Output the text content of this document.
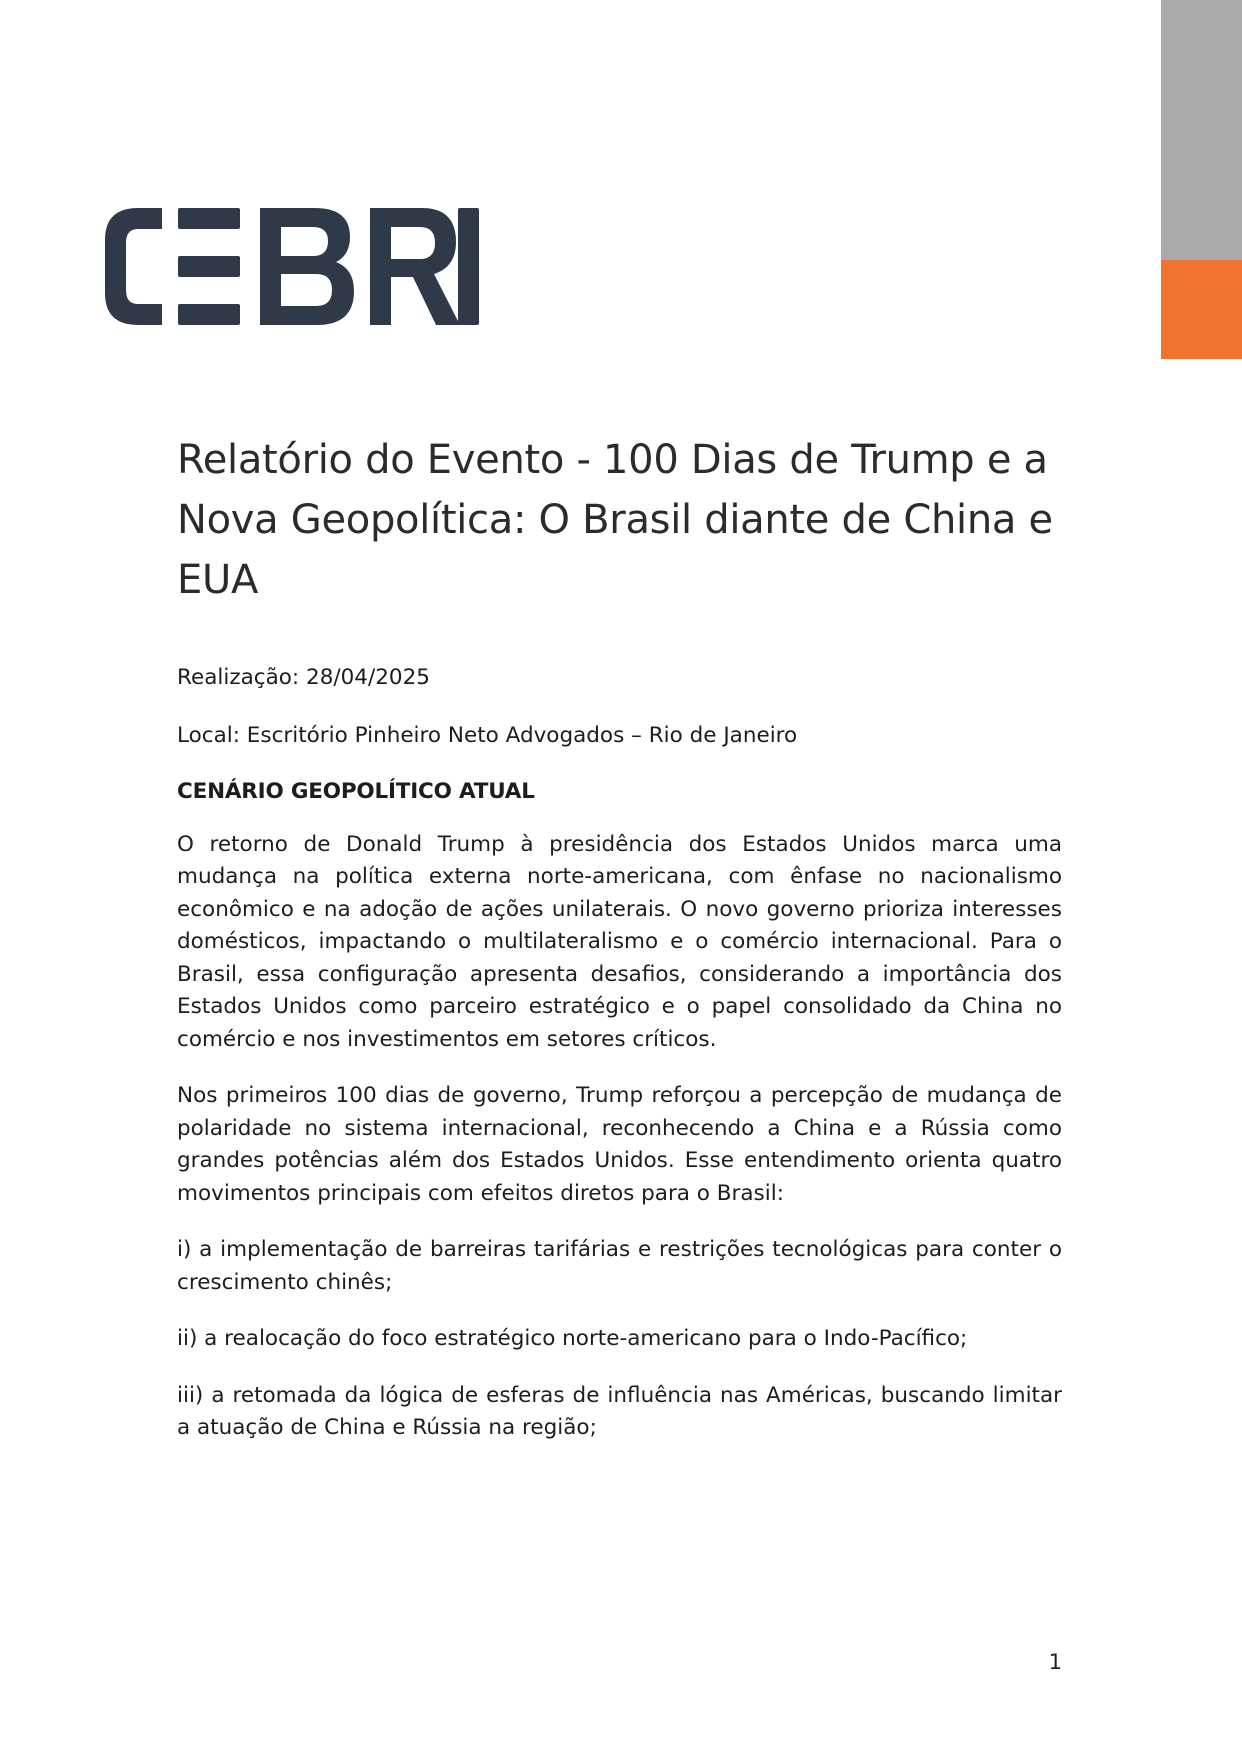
Relatório do Evento - 100 Dias de Trump e a Nova Geopolítica: O Brasil diante de China e EUA

Realização: 28/04/2025

Local: Escritório Pinheiro Neto Advogados – Rio de Janeiro

CENÁRIO GEOPOLÍTICO ATUAL

O retorno de Donald Trump à presidência dos Estados Unidos marca uma mudança na política externa norte-americana, com ênfase no nacionalismo econômico e na adoção de ações unilaterais. O novo governo prioriza interesses domésticos, impactando o multilateralismo e o comércio internacional. Para o Brasil, essa configuração apresenta desafios, considerando a importância dos Estados Unidos como parceiro estratégico e o papel consolidado da China no comércio e nos investimentos em setores críticos.

Nos primeiros 100 dias de governo, Trump reforçou a percepção de mudança de polaridade no sistema internacional, reconhecendo a China e a Rússia como grandes potências além dos Estados Unidos. Esse entendimento orienta quatro movimentos principais com efeitos diretos para o Brasil:

i) a implementação de barreiras tarifárias e restrições tecnológicas para conter o crescimento chinês;

ii) a realocação do foco estratégico norte-americano para o Indo-Pacífico;

iii) a retomada da lógica de esferas de influência nas Américas, buscando limitar a atuação de China e Rússia na região;

1
